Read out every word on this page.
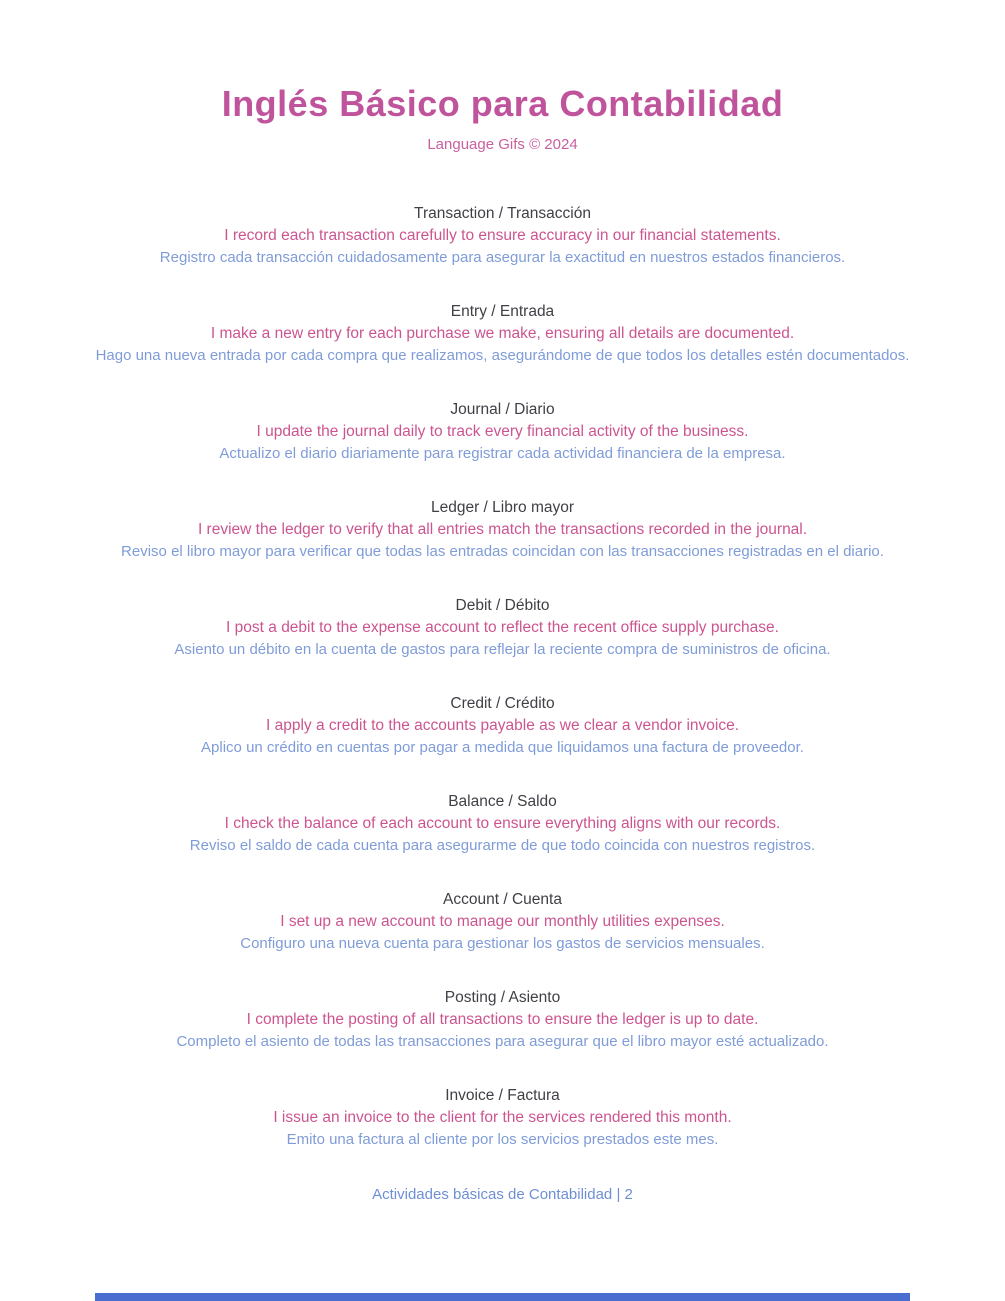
Inglés Básico para Contabilidad
Language Gifs © 2024
Transaction / Transacción
I record each transaction carefully to ensure accuracy in our financial statements.
Registro cada transacción cuidadosamente para asegurar la exactitud en nuestros estados financieros.
Entry / Entrada
I make a new entry for each purchase we make, ensuring all details are documented.
Hago una nueva entrada por cada compra que realizamos, asegurándome de que todos los detalles estén documentados.
Journal / Diario
I update the journal daily to track every financial activity of the business.
Actualizo el diario diariamente para registrar cada actividad financiera de la empresa.
Ledger / Libro mayor
I review the ledger to verify that all entries match the transactions recorded in the journal.
Reviso el libro mayor para verificar que todas las entradas coincidan con las transacciones registradas en el diario.
Debit / Débito
I post a debit to the expense account to reflect the recent office supply purchase.
Asiento un débito en la cuenta de gastos para reflejar la reciente compra de suministros de oficina.
Credit / Crédito
I apply a credit to the accounts payable as we clear a vendor invoice.
Aplico un crédito en cuentas por pagar a medida que liquidamos una factura de proveedor.
Balance / Saldo
I check the balance of each account to ensure everything aligns with our records.
Reviso el saldo de cada cuenta para asegurarme de que todo coincida con nuestros registros.
Account / Cuenta
I set up a new account to manage our monthly utilities expenses.
Configuro una nueva cuenta para gestionar los gastos de servicios mensuales.
Posting / Asiento
I complete the posting of all transactions to ensure the ledger is up to date.
Completo el asiento de todas las transacciones para asegurar que el libro mayor esté actualizado.
Invoice / Factura
I issue an invoice to the client for the services rendered this month.
Emito una factura al cliente por los servicios prestados este mes.
Actividades básicas de Contabilidad | 2
